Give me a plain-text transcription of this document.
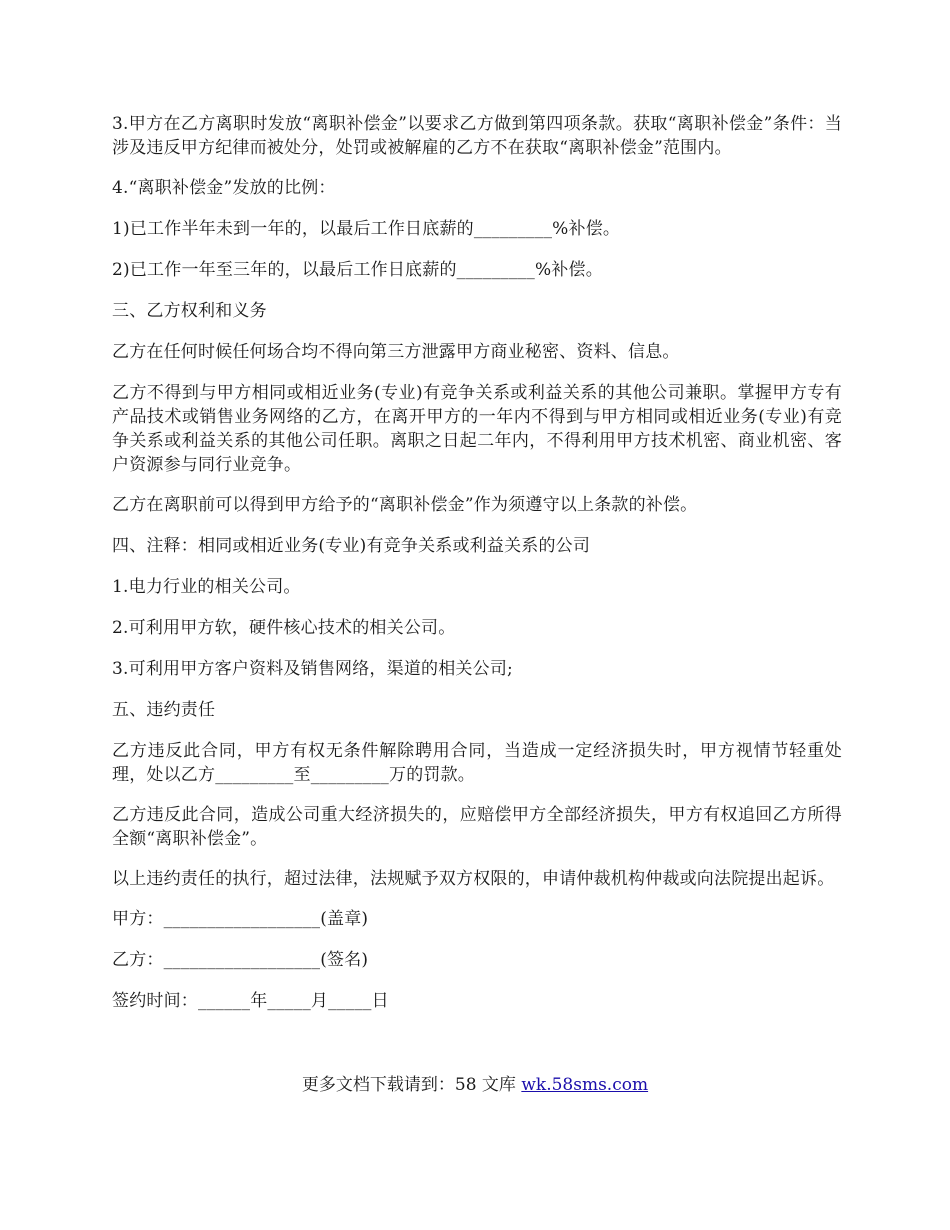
3.甲方在乙方离职时发放“离职补偿金”以要求乙方做到第四项条款。获取“离职补偿金”条件：当涉及违反甲方纪律而被处分，处罚或被解雇的乙方不在获取“离职补偿金”范围内。

4.“离职补偿金”发放的比例：

1)已工作半年未到一年的，以最后工作日底薪的_________%补偿。

2)已工作一年至三年的，以最后工作日底薪的_________%补偿。

三、乙方权利和义务

乙方在任何时候任何场合均不得向第三方泄露甲方商业秘密、资料、信息。

乙方不得到与甲方相同或相近业务(专业)有竞争关系或利益关系的其他公司兼职。掌握甲方专有产品技术或销售业务网络的乙方，在离开甲方的一年内不得到与甲方相同或相近业务(专业)有竞争关系或利益关系的其他公司任职。离职之日起二年内，不得利用甲方技术机密、商业机密、客户资源参与同行业竞争。

乙方在离职前可以得到甲方给予的“离职补偿金”作为须遵守以上条款的补偿。

四、注释：相同或相近业务(专业)有竞争关系或利益关系的公司

1.电力行业的相关公司。

2.可利用甲方软，硬件核心技术的相关公司。

3.可利用甲方客户资料及销售网络，渠道的相关公司;

五、违约责任

乙方违反此合同，甲方有权无条件解除聘用合同，当造成一定经济损失时，甲方视情节轻重处理，处以乙方_________至_________万的罚款。

乙方违反此合同，造成公司重大经济损失的，应赔偿甲方全部经济损失，甲方有权追回乙方所得全额“离职补偿金”。

以上违约责任的执行，超过法律，法规赋予双方权限的，申请仲裁机构仲裁或向法院提出起诉。

甲方：__________________(盖章)

乙方：__________________(签名)

签约时间：______年_____月_____日

更多文档下载请到：58 文库 wk.58sms.com
